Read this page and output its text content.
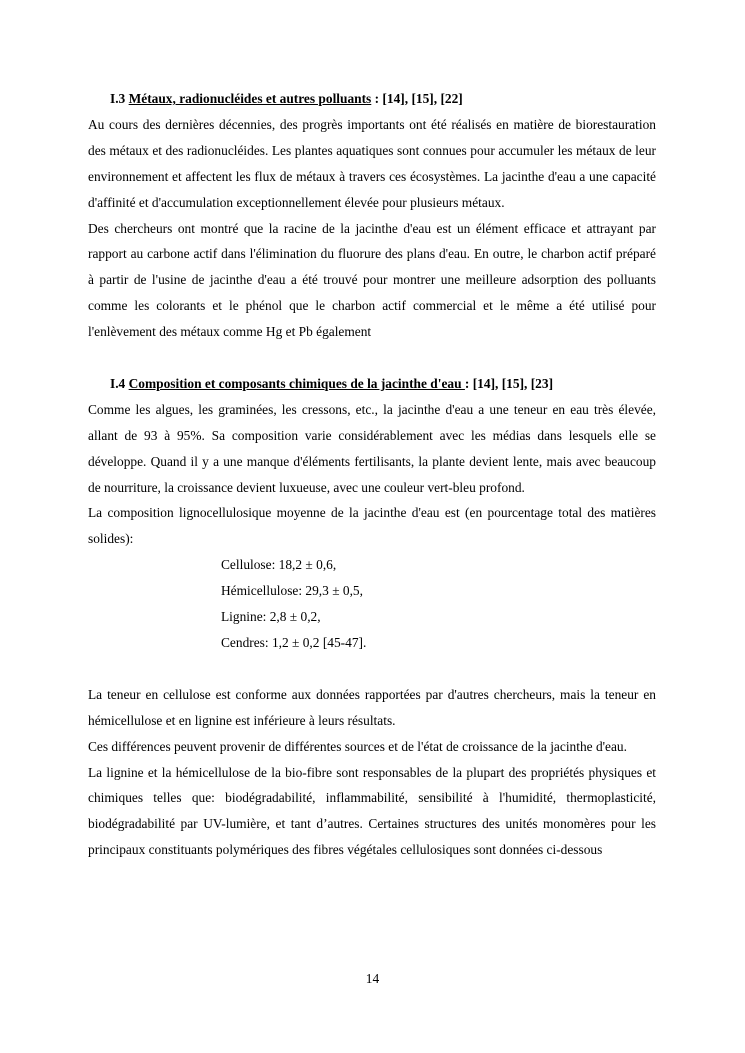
I.3 Métaux, radionucléides et autres polluants : [14], [15], [22]

Au cours des dernières décennies, des progrès importants ont été réalisés en matière de biorestauration des métaux et des radionucléides. Les plantes aquatiques sont connues pour accumuler les métaux de leur environnement et affectent les flux de métaux à travers ces écosystèmes. La jacinthe d'eau a une capacité d'affinité et d'accumulation exceptionnellement élevée pour plusieurs métaux.

Des chercheurs ont montré que la racine de la jacinthe d'eau est un élément efficace et attrayant par rapport au carbone actif dans l'élimination du fluorure des plans d'eau. En outre, le charbon actif préparé à partir de l'usine de jacinthe d'eau a été trouvé pour montrer une meilleure adsorption des polluants comme les colorants et le phénol que le charbon actif commercial et le même a été utilisé pour l'enlèvement des métaux comme Hg et Pb également

I.4 Composition et composants chimiques de la jacinthe d'eau : [14], [15], [23]

Comme les algues, les graminées, les cressons, etc., la jacinthe d'eau a une teneur en eau très élevée, allant de 93 à 95%. Sa composition varie considérablement avec les médias dans lesquels elle se développe. Quand il y a une manque d'éléments fertilisants, la plante devient lente, mais avec beaucoup de nourriture, la croissance devient luxueuse, avec une couleur vert-bleu profond.

La composition lignocellulosique moyenne de la jacinthe d'eau est (en pourcentage total des matières solides):

Cellulose: 18,2 ± 0,6,

Hémicellulose: 29,3 ± 0,5,

Lignine: 2,8 ± 0,2,

Cendres: 1,2 ± 0,2 [45-47].

La teneur en cellulose est conforme aux données rapportées par d'autres chercheurs, mais la teneur en hémicellulose et en lignine est inférieure à leurs résultats.

Ces différences peuvent provenir de différentes sources et de l'état de croissance de la jacinthe d'eau.

La lignine et la hémicellulose de la bio-fibre sont responsables de la plupart des propriétés physiques et chimiques telles que: biodégradabilité, inflammabilité, sensibilité à l'humidité, thermoplasticité, biodégradabilité par UV-lumière, et tant d’autres. Certaines structures des unités monomères pour les principaux constituants polymériques des fibres végétales cellulosiques sont données ci-dessous

14
